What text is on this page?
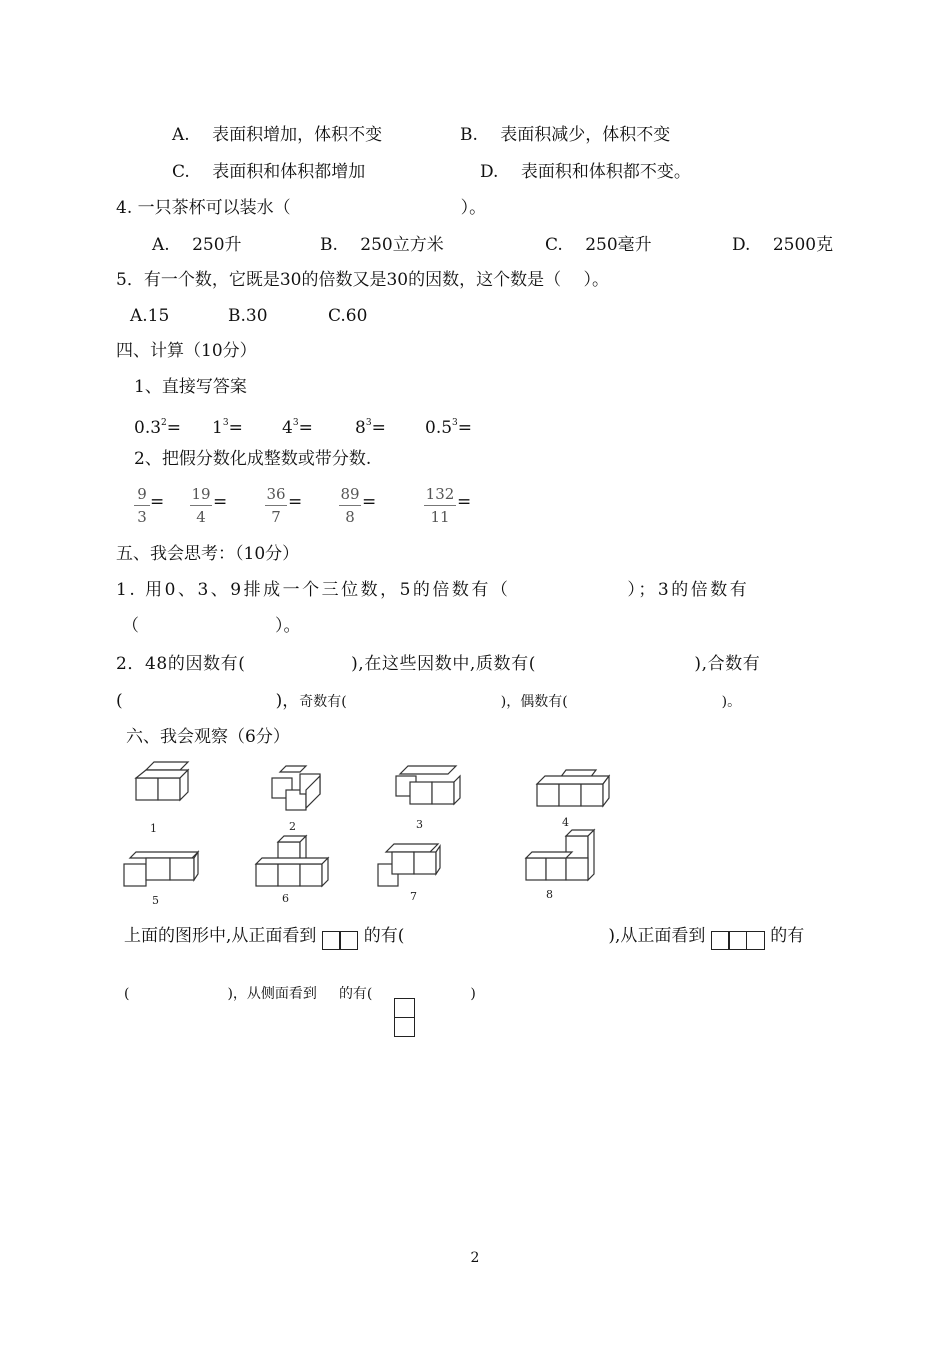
A.　 表面积增加，体积不变	B.　 表面积减少，体积不变
C.　 表面积和体积都增加	D.　 表面积和体积都不变。
4. 一只茶杯可以装水（　　　　　　　　　　）。
A.　 250升	B.　 250立方米	C.　 250毫升	D.　 2500克
5．有一个数，它既是30的倍数又是30的因数，这个数是（　 ）。
A.15	B.30	C.60
四、计算（10分）
1、直接写答案
$0.3^2= 1^3= 4^3= 8^3= 0.5^3=$
2、把假分数化成整数或带分数.
9
3
= 19
4
=	36
7
=	89
8
=	132
11
=
五、我会思考：（10分）
1. 用0、3、9排成一个三位数，5的倍数有（　　　　　　）；3的倍数有
（　　　　　　　　）。
2．48的因数有(　　　　　　),在这些因数中,质数有(　　　　　　　　　),合数有
(　　　　　　　　　)，奇数有(　　　　　　　　　　　)，偶数有(　　　　　　　　　　　)。
六、我会观察（6分）
1	2	3	4
5	6	7	8
上面的图形中,从正面看到	的有(　　　　　　　　　　　　),从正面看到	的有
(　　　　　　　)，从侧面看到 的有(　　　　　　　)
2
